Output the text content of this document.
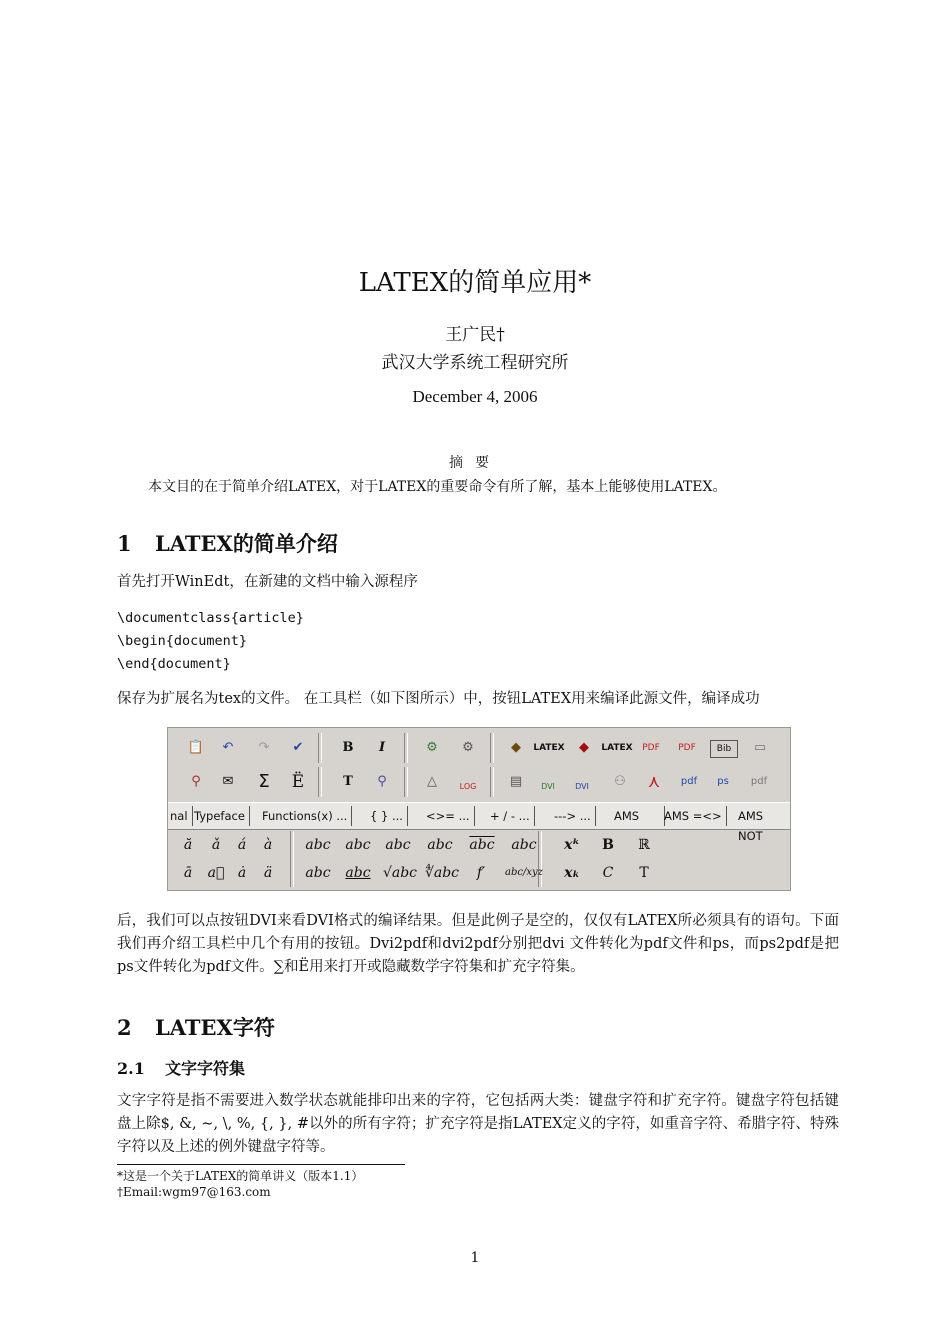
LATEX的简单应用*
王广民†
武汉大学系统工程研究所
December 4, 2006
摘要
本文目的在于简单介绍LATEX，对于LATEX的重要命令有所了解，基本上能够使用LATEX。
1 LATEX的简单介绍
首先打开WinEdt，在新建的文档中输入源程序
\documentclass{article}
\begin{document}
\end{document}
保存为扩展名为tex的文件。 在工具栏（如下图所示）中，按钮LATEX用来编译此源文件，编译成功
📋	↶	↷	✔	B	I	⚙	⚙	◆	LATEX	◆	LATEX	PDF	PDF	Bib	▭
⚲	✉	Σ	Ë	T	⚲	△	LOG	▤	DVI	DVI	⚇	⋏	pdf	ps	pdf
nal Typeface	Functions(x) ...	{ } ...	<>= ...	+ / - ...	---> ...	AMS	AMS =<>	AMS NOT
ă	ǎ	á	à	abc	abc	abc	abc	$\overline{abc}$	abc	xᵏ	B	ℝ
ā	a⃗ ȧ	ä	abc	abc √abc ∜abc	f′	abc/xyz	xₖ	C	T
后，我们可以点按钮DVI来看DVI格式的编译结果。但是此例子是空的，仅仅有LATEX所必须具有的语句。下面我们再介绍工具栏中几个有用的按钮。Dvi2pdf和dvi2pdf分别把dvi 文件转化为pdf文件和ps，而ps2pdf是把ps文件转化为pdf文件。∑和Ë用来打开或隐藏数学字符集和扩充字符集。
2 LATEX字符
2.1 文字字符集
文字字符是指不需要进入数学状态就能排印出来的字符，它包括两大类：键盘字符和扩充字符。键盘字符包括键盘上除$, &, ∼, \, %, {, }, #以外的所有字符；扩充字符是指LATEX定义的字符，如重音字符、希腊字符、特殊字符以及上述的例外键盘字符等。
*这是一个关于LATEX的简单讲义（版本1.1）
†Email:wgm97@163.com
1
